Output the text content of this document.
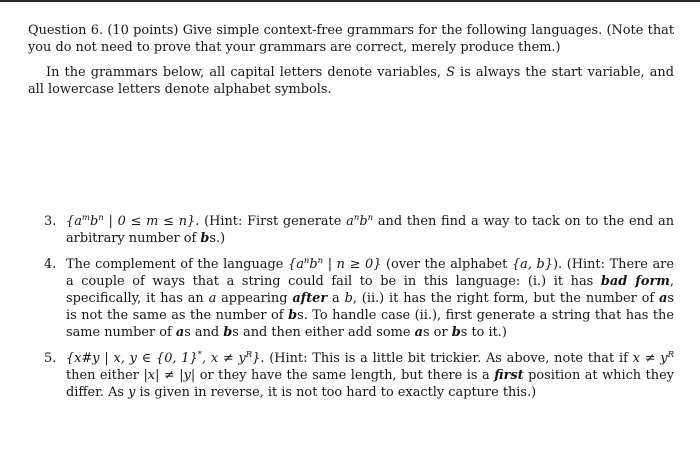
Question 6. (10 points) Give simple context-free grammars for the following languages. (Note that you do not need to prove that your grammars are correct, merely produce them.)

In the grammars below, all capital letters denote variables, S is always the start variable, and all lowercase letters denote alphabet symbols.

3. {$a^mb^n$ | 0 ≤ m ≤ n}. (Hint: First generate $a^nb^n$ and then find a way to tack on to the end an arbitrary number of bs.)
4. The complement of the language {$a^nb^n$ | n ≥ 0} (over the alphabet {a, b}). (Hint: There are a couple of ways that a string could fail to be in this language: (i.) it has bad form, specifically, it has an a appearing after a b, (ii.) it has the right form, but the number of as is not the same as the number of bs. To handle case (ii.), first generate a string that has the same number of as and bs and then either add some as or bs to it.)
5. {x#y | x, y ∈ {0, 1}*, $x \ne y^R$}. (Hint: This is a little bit trickier. As above, note that if $x \ne y^R$ then either |x| ≠ |y| or they have the same length, but there is a first position at which they differ. As y is given in reverse, it is not too hard to exactly capture this.)
